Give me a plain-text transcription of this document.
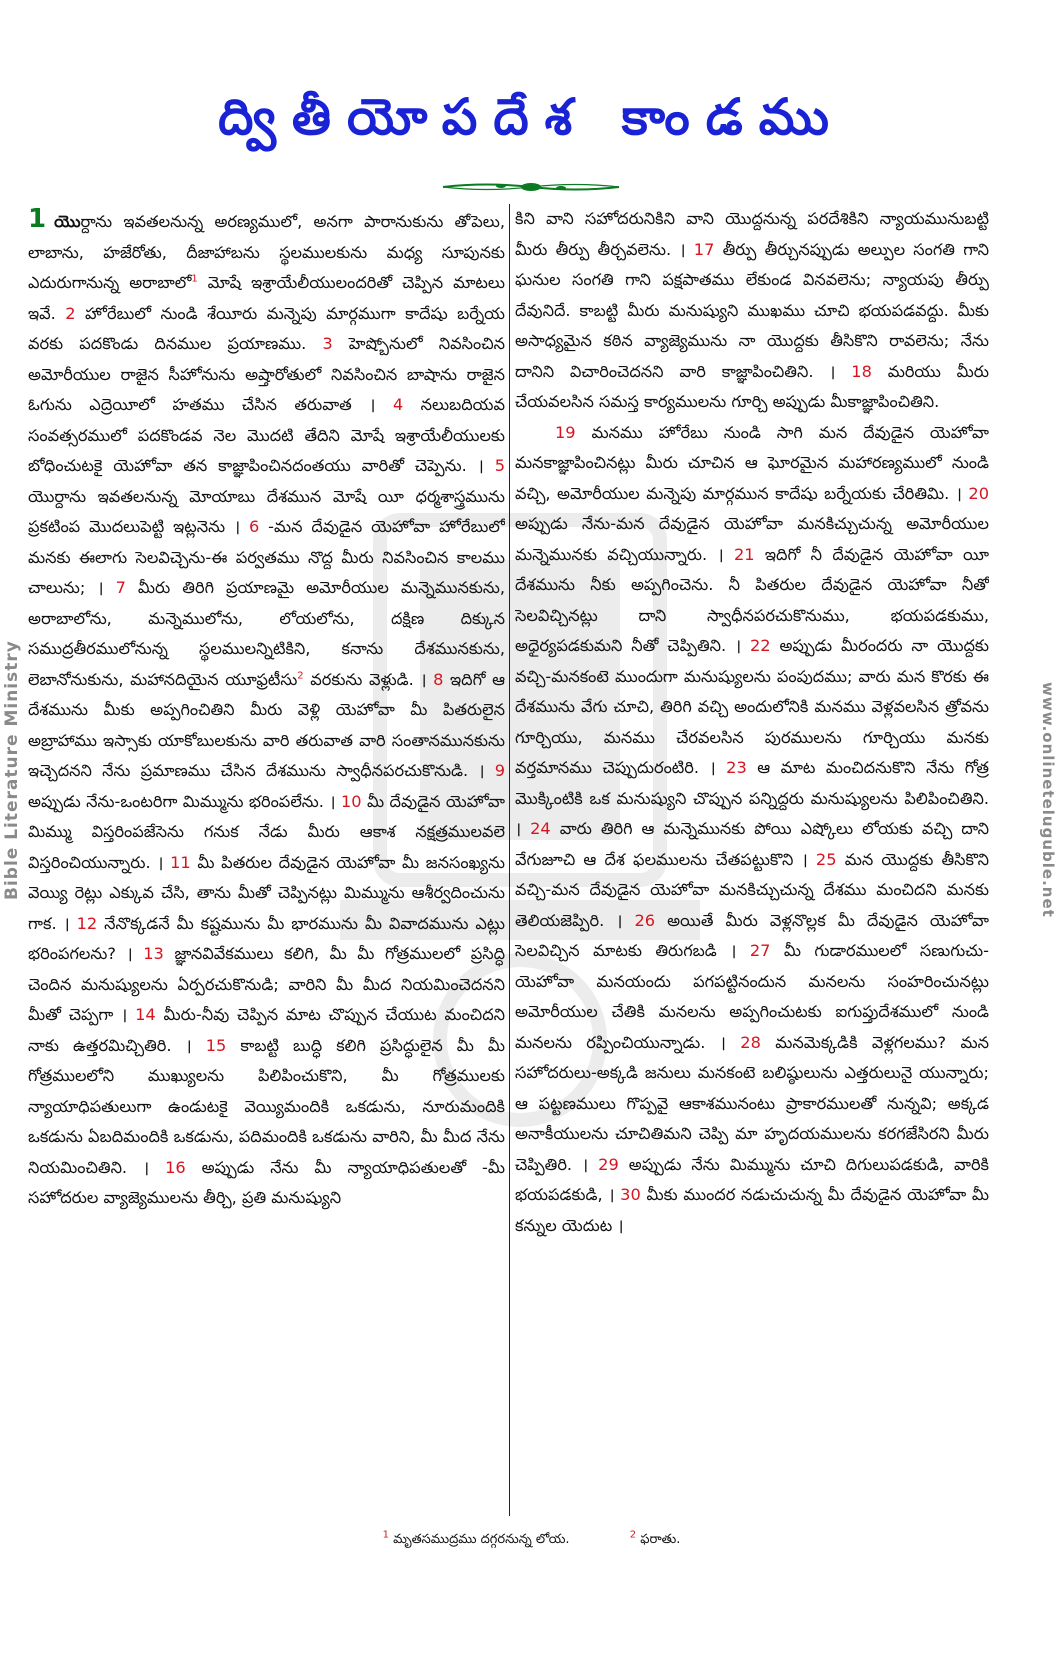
ద్వితీయోపదేశ కాండము
Bible Literature Ministry	www.onlineteluguble.net
1 యొర్దాను ఇవతలనున్న అరణ్యములో, అనగా పారానుకును తోపెలు, లాబాను, హజేరోతు, దీజాహాబను స్థలములకును మధ్య సూపునకు ఎదురుగానున్న అరాబాలో$^1$ మోషే ఇశ్రాయేలీయులందరితో చెప్పిన మాటలు ఇవే. 2 హోరేబులో నుండి శేయీరు మన్నెపు మార్గముగా కాదేషు బర్నేయ వరకు పదకొండు దినముల ప్రయాణము. 3 హెష్బోనులో నివసించిన అమోరీయుల రాజైన సీహోనును అష్తారోతులో నివసించిన బాషాను రాజైన ఓగును ఎద్రెయీలో హతము చేసిన తరువాత । 4 నలుబదియవ సంవత్సరములో పదకొండవ నెల మొదటి తేదిని మోషే ఇశ్రాయేలీయులకు బోధించుటకై యెహోవా తన కాజ్ఞాపించినదంతయు వారితో చెప్పెను. । 5 యొర్దాను ఇవతలనున్న మోయాబు దేశమున మోషే యీ ధర్మశాస్త్రమును ప్రకటింప మొదలుపెట్టి ఇట్లనెను । 6 -మన దేవుడైన యెహోవా హోరేబులో మనకు ఈలాగు సెలవిచ్చెను-ఈ పర్వతము నొద్ద మీరు నివసించిన కాలము చాలును; । 7 మీరు తిరిగి ప్రయాణమై అమోరీయుల మన్నెమునకును, అరాబాలోను, మన్నెములోను, లోయలోను, దక్షిణ దిక్కున సముద్రతీరములోనున్న స్థలములన్నిటికిని, కనాను దేశమునకును, లెబానోనుకును, మహానదియైన యూఫ్రటీసు$^2$ వరకును వెళ్లుడి. । 8 ఇదిగో ఆ దేశమును మీకు అప్పగించితిని మీరు వెళ్లి యెహోవా మీ పితరులైన అబ్రాహాము ఇస్సాకు యాకోబులకును వారి తరువాత వారి సంతానమునకును ఇచ్చెదనని నేను ప్రమాణము చేసిన దేశమును స్వాధీనపరచుకొనుడి. । 9 అప్పుడు నేను-ఒంటరిగా మిమ్మును భరింపలేను. । 10 మీ దేవుడైన యెహోవా మిమ్ము విస్తరింపజేసెను గనుక నేడు మీరు ఆకాశ నక్షత్రములవలె విస్తరించియున్నారు. । 11 మీ పితరుల దేవుడైన యెహోవా మీ జనసంఖ్యను వెయ్యి రెట్లు ఎక్కువ చేసి, తాను మీతో చెప్పినట్లు మిమ్మును ఆశీర్వదించును గాక. । 12 నేనొక్కడనే మీ కష్టమును మీ భారమును మీ వివాదమును ఎట్లు భరింపగలను? । 13 జ్ఞానవివేకములు కలిగి, మీ మీ గోత్రములలో ప్రసిద్ధి చెందిన మనుష్యులను ఏర్పరచుకొనుడి; వారిని మీ మీద నియమించెదనని మీతో చెప్పగా । 14 మీరు-నీవు చెప్పిన మాట చొప్పున చేయుట మంచిదని నాకు ఉత్తరమిచ్చితిరి. । 15 కాబట్టి బుద్ధి కలిగి ప్రసిద్ధులైన మీ మీ గోత్రములలోని ముఖ్యులను పిలిపించుకొని, మీ గోత్రములకు న్యాయాధిపతులుగా ఉండుటకై వెయ్యిమందికి ఒకడును, నూరుమందికి ఒకడును ఏబదిమందికి ఒకడును, పదిమందికి ఒకడును వారిని, మీ మీద నేను నియమించితిని. । 16 అప్పుడు నేను మీ న్యాయాధిపతులతో -మీ సహోదరుల వ్యాజ్యెములను తీర్చి, ప్రతి మనుష్యుని
కిని వాని సహోదరునికిని వాని యొద్దనున్న పరదేశికిని న్యాయమునుబట్టి మీరు తీర్పు తీర్చవలెను. । 17 తీర్పు తీర్చునప్పుడు అల్పుల సంగతి గాని ఘనుల సంగతి గాని పక్షపాతము లేకుండ వినవలెను; న్యాయపు తీర్పు దేవునిదే. కాబట్టి మీరు మనుష్యుని ముఖము చూచి భయపడవద్దు. మీకు అసాధ్యమైన కఠిన వ్యాజ్యెమును నా యొద్దకు తీసికొని రావలెను; నేను దానిని విచారించెదనని వారి కాజ్ఞాపించితిని. । 18 మరియు మీరు చేయవలసిన సమస్త కార్యములను గూర్చి అప్పుడు మీకాజ్ఞాపించితిని.
19 మనము హోరేబు నుండి సాగి మన దేవుడైన యెహోవా మనకాజ్ఞాపించినట్లు మీరు చూచిన ఆ ఘోరమైన మహారణ్యములో నుండి వచ్చి, అమోరీయుల మన్నెపు మార్గమున కాదేషు బర్నేయకు చేరితిమి. । 20 అప్పుడు నేను-మన దేవుడైన యెహోవా మనకిచ్చుచున్న అమోరీయుల మన్నెమునకు వచ్చియున్నారు. । 21 ఇదిగో నీ దేవుడైన యెహోవా యీ దేశమును నీకు అప్పగించెను. నీ పితరుల దేవుడైన యెహోవా నీతో సెలవిచ్చినట్లు దాని స్వాధీనపరచుకొనుము, భయపడకుము, అధైర్యపడకుమని నీతో చెప్పితిని. । 22 అప్పుడు మీరందరు నా యొద్దకు వచ్చి-మనకంటె ముందుగా మనుష్యులను పంపుదము; వారు మన కొరకు ఈ దేశమును వేగు చూచి, తిరిగి వచ్చి అందులోనికి మనము వెళ్లవలసిన త్రోవను గూర్చియు, మనము చేరవలసిన పురములను గూర్చియు మనకు వర్తమానము చెప్పుదురంటిరి. । 23 ఆ మాట మంచిదనుకొని నేను గోత్ర మొక్కింటికి ఒక మనుష్యుని చొప్పున పన్నిద్దరు మనుష్యులను పిలిపించితిని. । 24 వారు తిరిగి ఆ మన్నెమునకు పోయి ఎష్కోలు లోయకు వచ్చి దాని వేగుజూచి ఆ దేశ ఫలములను చేతపట్టుకొని । 25 మన యొద్దకు తీసికొని వచ్చి-మన దేవుడైన యెహోవా మనకిచ్చుచున్న దేశము మంచిదని మనకు తెలియజెప్పిరి. । 26 అయితే మీరు వెళ్లనొల్లక మీ దేవుడైన యెహోవా సెలవిచ్చిన మాటకు తిరుగబడి । 27 మీ గుడారములలో సణుగుచు-యెహోవా మనయందు పగపట్టినందున మనలను సంహరించునట్లు అమోరీయుల చేతికి మనలను అప్పగించుటకు ఐగుప్తుదేశములో నుండి మనలను రప్పించియున్నాడు. । 28 మనమెక్కడికి వెళ్లగలము? మన సహోదరులు-అక్కడి జనులు మనకంటె బలిష్ఠులును ఎత్తరులునై యున్నారు; ఆ పట్టణములు గొప్పవై ఆకాశమునంటు ప్రాకారములతో నున్నవి; అక్కడ అనాకీయులను చూచితిమని చెప్పి మా హృదయములను కరగజేసిరని మీరు చెప్పితిరి. । 29 అప్పుడు నేను మిమ్మును చూచి దిగులుపడకుడి, వారికి భయపడకుడి, । 30 మీకు ముందర నడుచుచున్న మీ దేవుడైన యెహోవా మీ కన్నుల యెదుట ।
$^1$ మృతసముద్రము దగ్గరనున్న లోయ.	$^2$ ఫరాతు.
